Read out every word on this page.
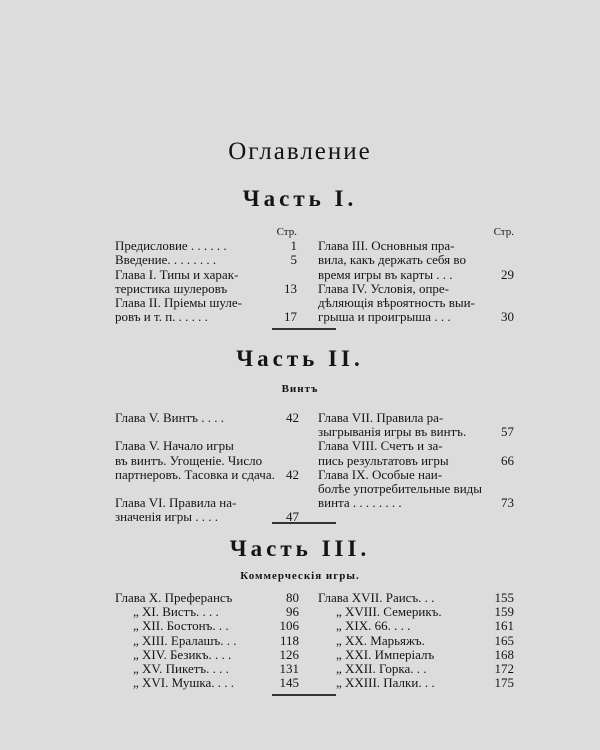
Оглавление
Часть I.
Стр.
Предисловие . . . . . .	1
Введение. . . . . . . .	5
Глава I. Типы и харак-
теристика шулеровъ	13
Глава II. Пріемы шуле-
ровъ и т. п. . . . . .	17
Стр.
Глава III. Основныя пра-
вила, какъ держать себя во
время игры въ карты . . .	29
Глава IV. Условія, опре-
дѣляющія вѣроятность выи-
грыша и проигрыша . . .	30
Часть II.
Винтъ
Глава V. Винтъ . . . .	42

Глава V. Начало игры
въ винтъ. Угощеніе. Число
партнеровъ. Тасовка и сдача. 42

Глава VI. Правила на-
значенія игры . . . .	47
Глава VII. Правила ра-
зыгрыванія игры въ винтъ.	57
Глава VIII. Счетъ и за-
пись результатовъ игры	66
Глава IX. Особые наи-
болѣе употребительные виды
винта . . . . . . . .	73
Часть III.
Коммерческія игры.
Глава X. Преферансъ	80
„ XI. Вистъ. . . .	96
„ XII. Бостонъ. . .	106
„ XIII. Ералашъ. . .	118
„ XIV. Безикъ. . . .	126
„ XV. Пикетъ. . . .	131
„ XVI. Мушка. . . .	145
Глава XVII. Раисъ. . .	155
„ XVIII. Семерикъ.	159
„ XIX. 66. . . .	161
„ XX. Марьяжъ.	165
„ XXI. Имперіалъ	168
„ XXII. Горка. . .	172
„ XXIII. Палки. . .	175
